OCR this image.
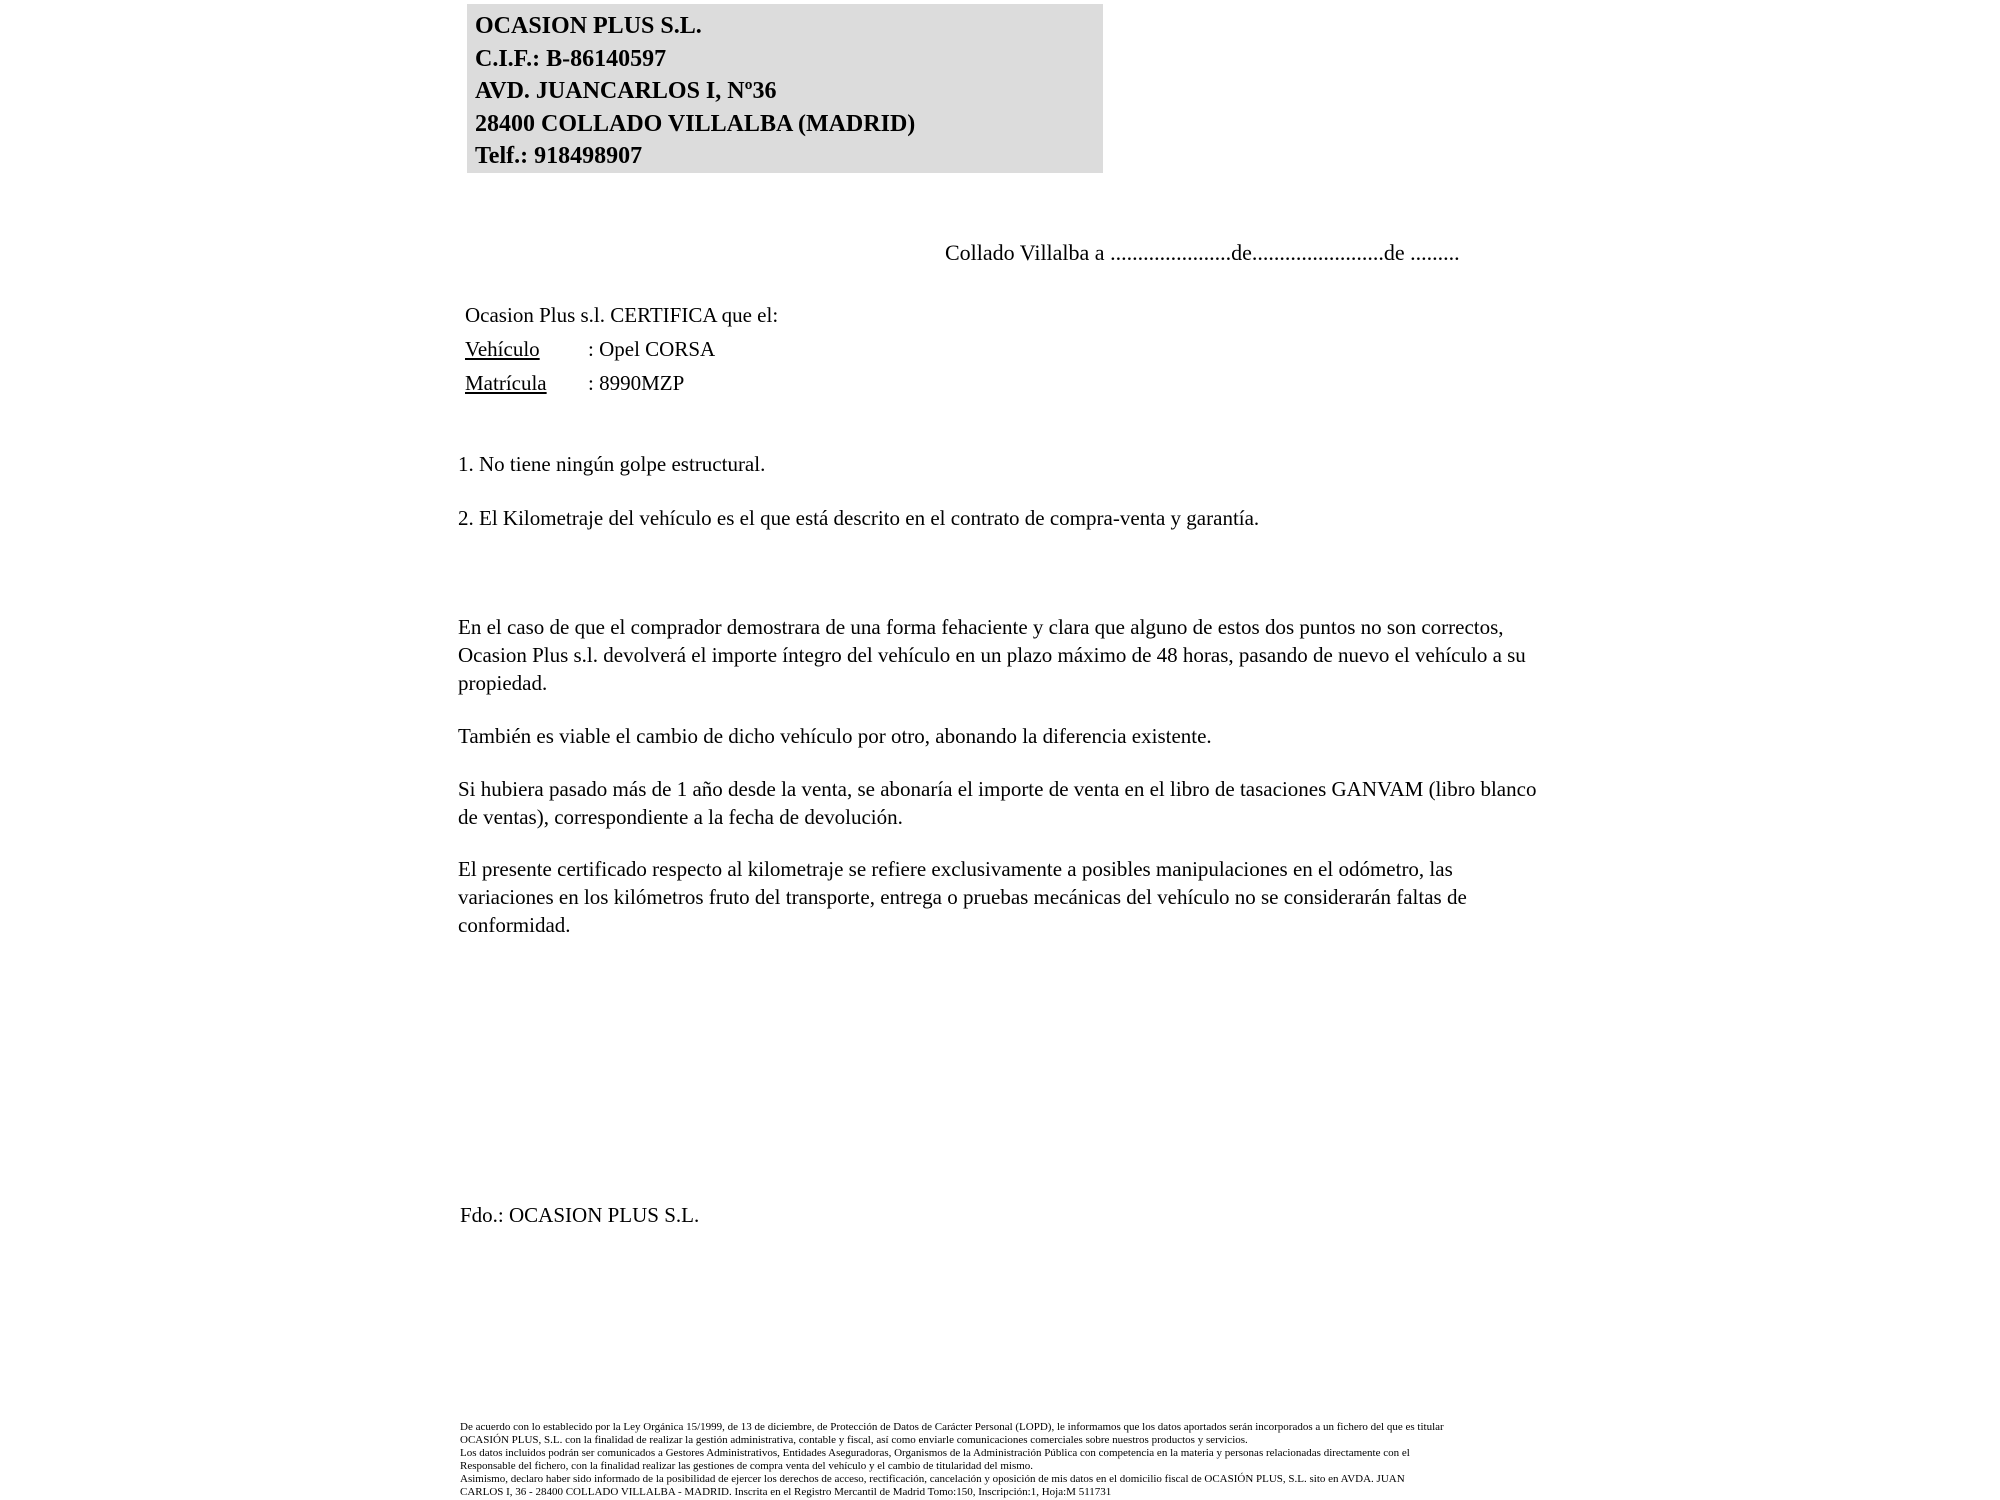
OCASION PLUS S.L.
C.I.F.: B-86140597
AVD. JUANCARLOS I, Nº36
28400 COLLADO VILLALBA (MADRID)
Telf.: 918498907
Collado Villalba a ......................de........................de .........
Ocasion Plus s.l. CERTIFICA que el:
Vehículo : Opel CORSA
Matrícula : 8990MZP
1. No tiene ningún golpe estructural.
2. El Kilometraje del vehículo es el que está descrito en el contrato de compra-venta y garantía.
En el caso de que el comprador demostrara de una forma fehaciente y clara que alguno de estos dos puntos no son correctos, Ocasion Plus s.l. devolverá el importe íntegro del vehículo en un plazo máximo de 48 horas, pasando de nuevo el vehículo a su propiedad.
También es viable el cambio de dicho vehículo por otro, abonando la diferencia existente.
Si hubiera pasado más de 1 año desde la venta, se abonaría el importe de venta en el libro de tasaciones GANVAM (libro blanco de ventas), correspondiente a la fecha de devolución.
El presente certificado respecto al kilometraje se refiere exclusivamente a posibles manipulaciones en el odómetro, las variaciones en los kilómetros fruto del transporte, entrega o pruebas mecánicas del vehículo no se considerarán faltas de conformidad.
Fdo.: OCASION PLUS S.L.
De acuerdo con lo establecido por la Ley Orgánica 15/1999, de 13 de diciembre, de Protección de Datos de Carácter Personal (LOPD), le informamos que los datos aportados serán incorporados a un fichero del que es titular
OCASIÓN PLUS, S.L. con la finalidad de realizar la gestión administrativa, contable y fiscal, así como enviarle comunicaciones comerciales sobre nuestros productos y servicios.
Los datos incluidos podrán ser comunicados a Gestores Administrativos, Entidades Aseguradoras, Organismos de la Administración Pública con competencia en la materia y personas relacionadas directamente con el
Responsable del fichero, con la finalidad realizar las gestiones de compra venta del vehículo y el cambio de titularidad del mismo.
Asimismo, declaro haber sido informado de la posibilidad de ejercer los derechos de acceso, rectificación, cancelación y oposición de mis datos en el domicilio fiscal de OCASIÓN PLUS, S.L. sito en AVDA. JUAN
CARLOS I, 36 - 28400 COLLADO VILLALBA - MADRID. Inscrita en el Registro Mercantil de Madrid Tomo:150, Inscripción:1, Hoja:M 511731
